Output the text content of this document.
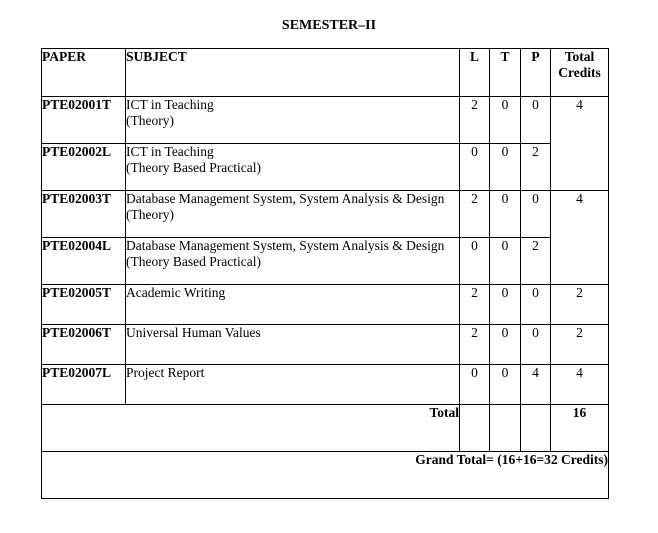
SEMESTER–II
PAPER	SUBJECT	L	T	P	Total
Credits
PTE02001T	ICT in Teaching
(Theory)	2	0	0	4
PTE02002L	ICT in Teaching
(Theory Based Practical)	0	0	2	
PTE02003T	Database Management System, System Analysis & Design
(Theory)	2	0	0	4
PTE02004L	Database Management System, System Analysis & Design
(Theory Based Practical)	0	0	2	
PTE02005T	Academic Writing	2	0	0	2
PTE02006T	Universal Human Values	2	0	0	2
PTE02007L	Project Report	0	0	4	4
Total					16
Grand Total= (16+16=32 Credits)					
